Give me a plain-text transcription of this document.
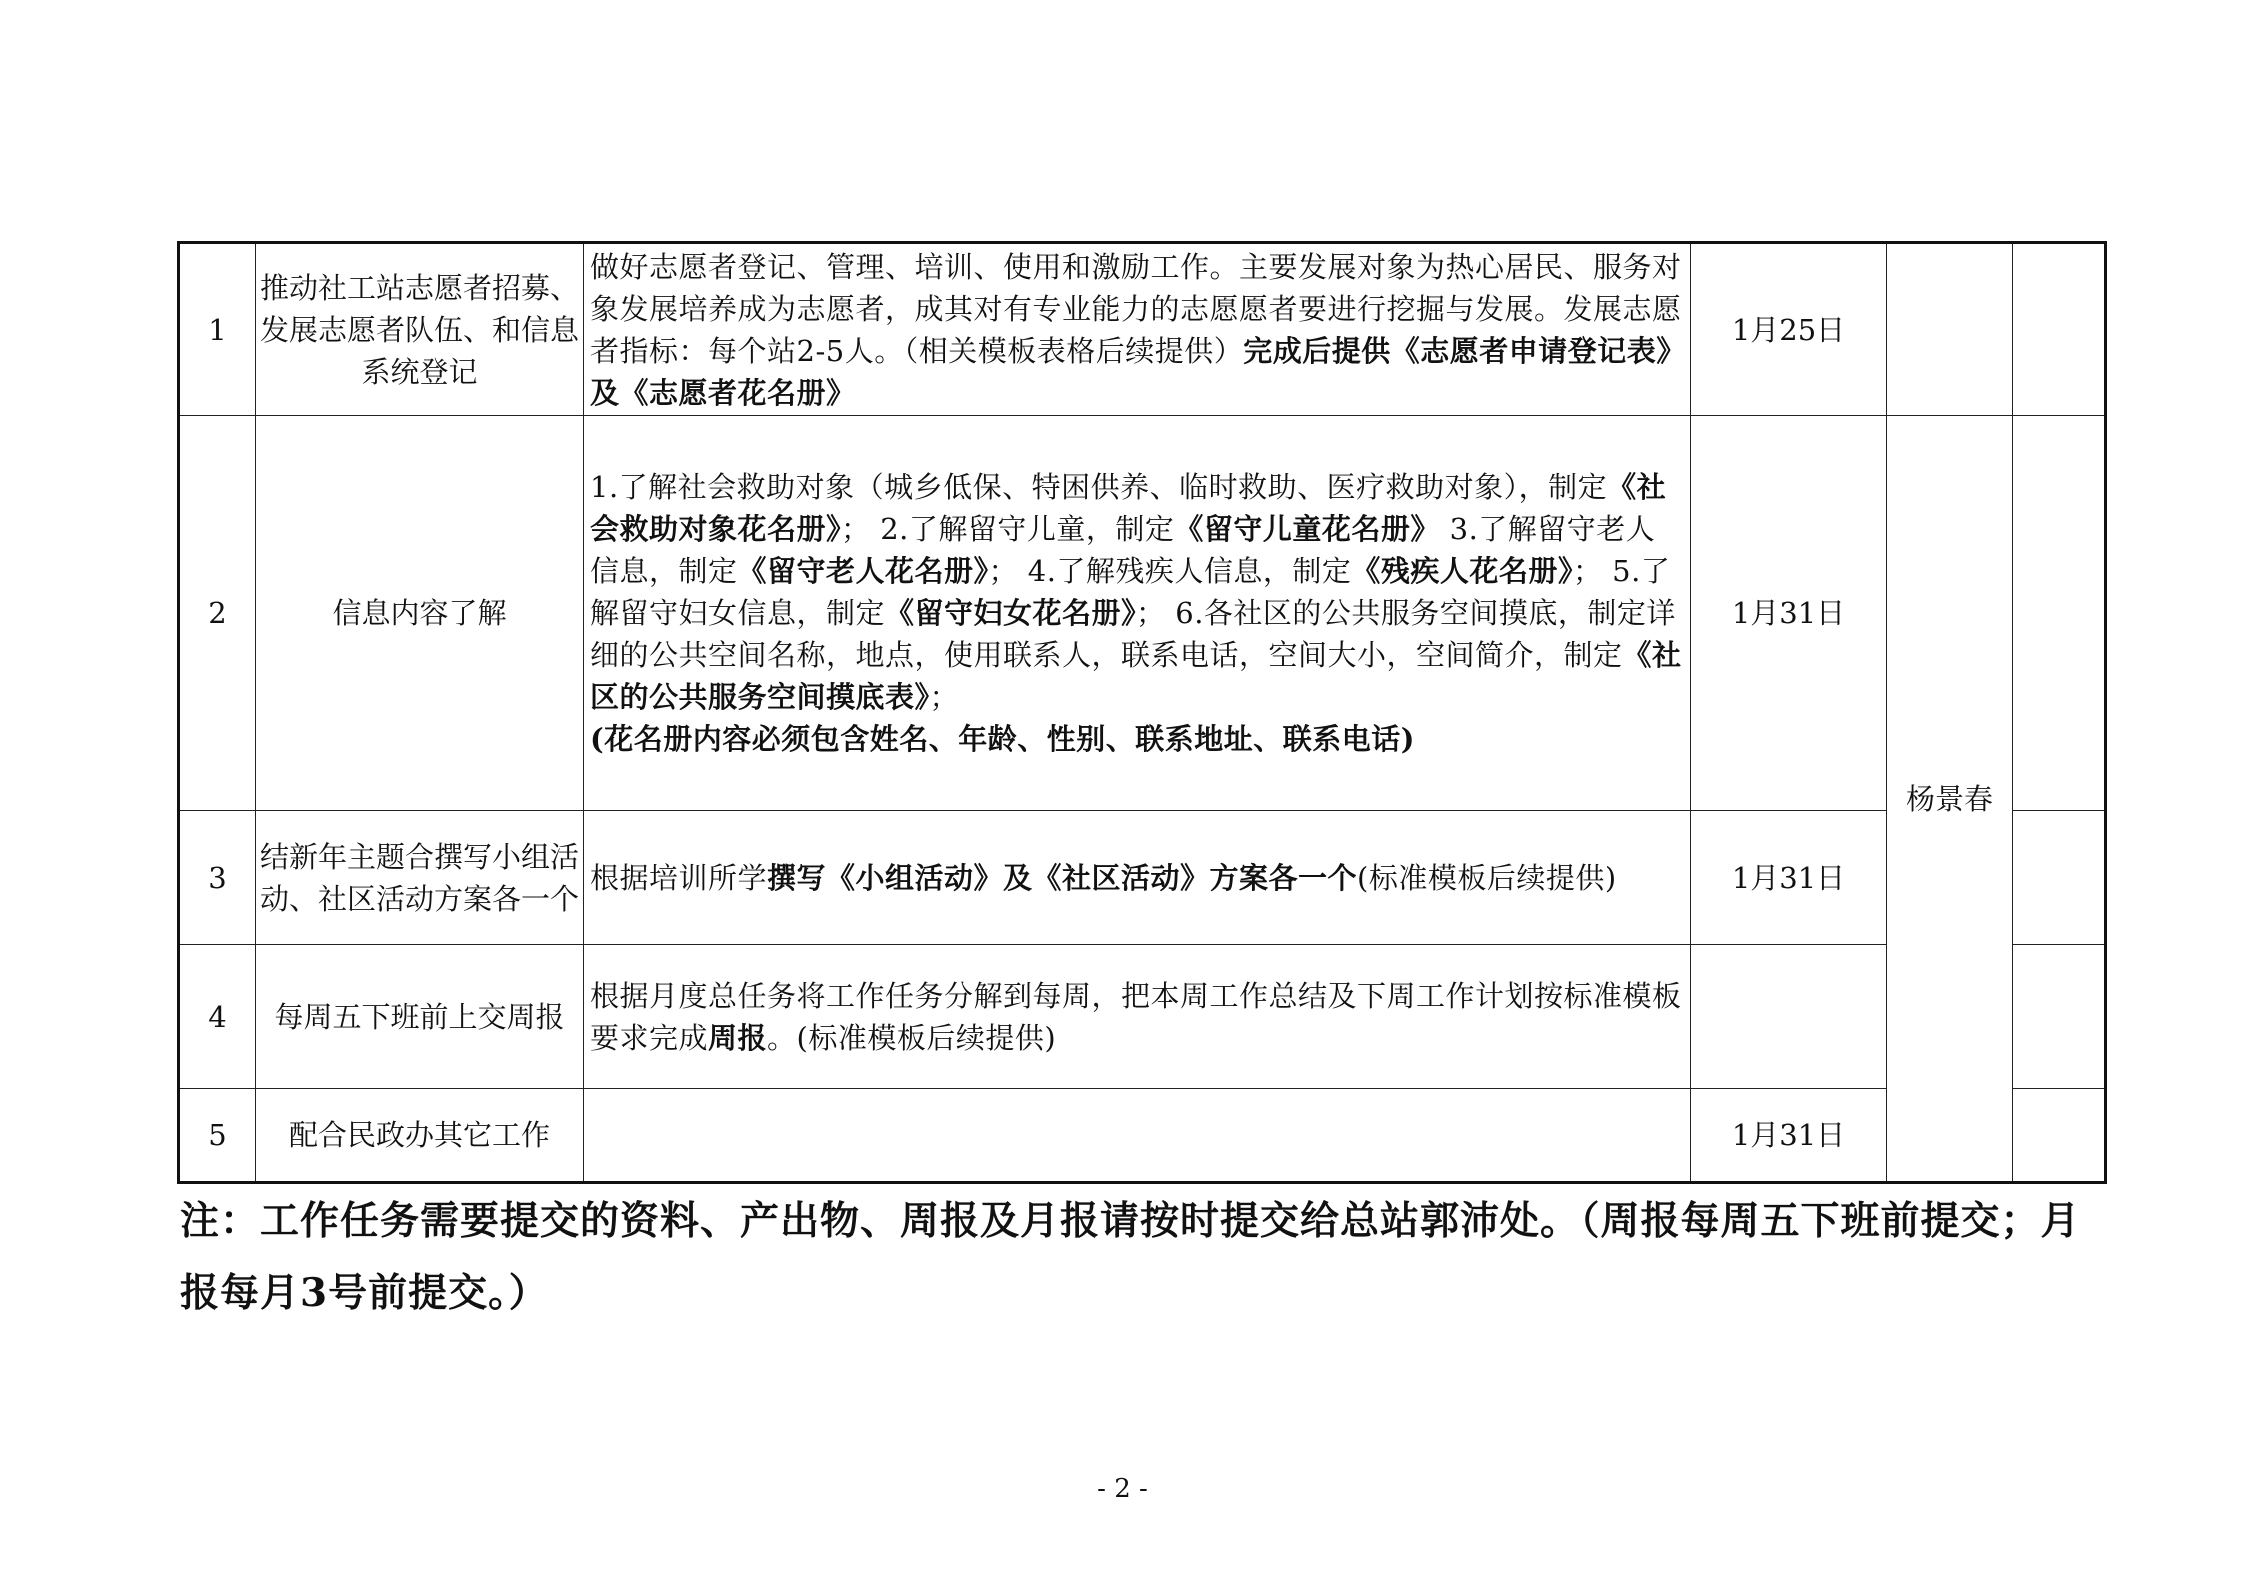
1	推动社工站志愿者招募、发展志愿者队伍、和信息系统登记	做好志愿者登记、管理、培训、使用和激励工作。主要发展对象为热心居民、服务对象发展培养成为志愿者，成其对有专业能力的志愿愿者要进行挖掘与发展。发展志愿者指标：每个站2-5人。（相关模板表格后续提供）完成后提供《志愿者申请登记表》及《志愿者花名册》	1月25日		
2	信息内容了解	1.了解社会救助对象（城乡低保、特困供养、临时救助、医疗救助对象），制定《社会救助对象花名册》； 2.了解留守儿童，制定《留守儿童花名册》 3.了解留守老人信息，制定《留守老人花名册》； 4.了解残疾人信息，制定《残疾人花名册》； 5.了解留守妇女信息，制定《留守妇女花名册》； 6.各社区的公共服务空间摸底，制定详细的公共空间名称，地点，使用联系人，联系电话，空间大小，空间简介，制定《社区的公共服务空间摸底表》；
(花名册内容必须包含姓名、年龄、性别、联系地址、联系电话)	1月31日	杨景春	
3	结新年主题合撰写小组活动、社区活动方案各一个	根据培训所学撰写《小组活动》及《社区活动》方案各一个(标准模板后续提供)	1月31日		
4	每周五下班前上交周报	根据月度总任务将工作任务分解到每周，把本周工作总结及下周工作计划按标准模板要求完成周报。(标准模板后续提供)			
5	配合民政办其它工作		1月31日		
注：工作任务需要提交的资料、产出物、周报及月报请按时提交给总站郭沛处。（周报每周五下班前提交；月报每月3号前提交。）
- 2 -
